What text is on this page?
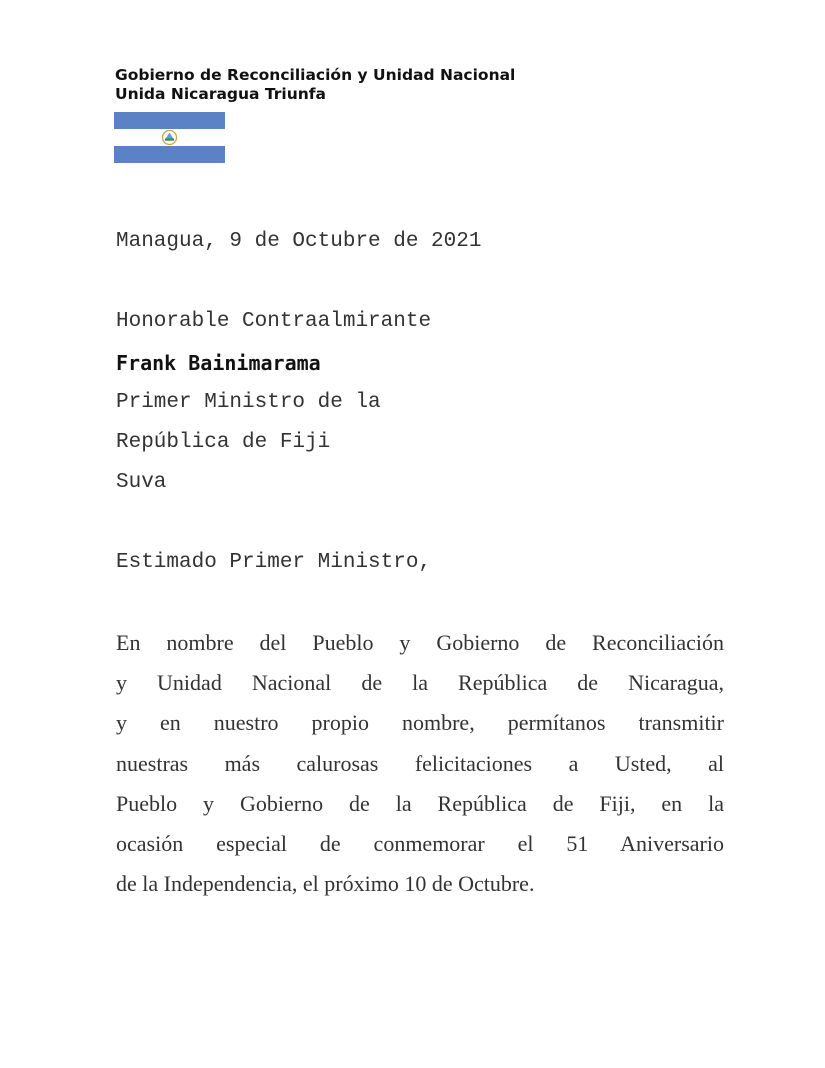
Gobierno de Reconciliación y Unidad Nacional
Unida Nicaragua Triunfa
Managua, 9 de Octubre de 2021
Honorable Contraalmirante
Frank Bainimarama
Primer Ministro de la
República de Fiji
Suva
Estimado Primer Ministro,
En nombre del Pueblo y Gobierno de Reconciliación
y Unidad Nacional de la República de Nicaragua,
y en nuestro propio nombre, permítanos transmitir
nuestras más calurosas felicitaciones a Usted, al
Pueblo y Gobierno de la República de Fiji, en la
ocasión especial de conmemorar el 51 Aniversario
de la Independencia, el próximo 10 de Octubre.
